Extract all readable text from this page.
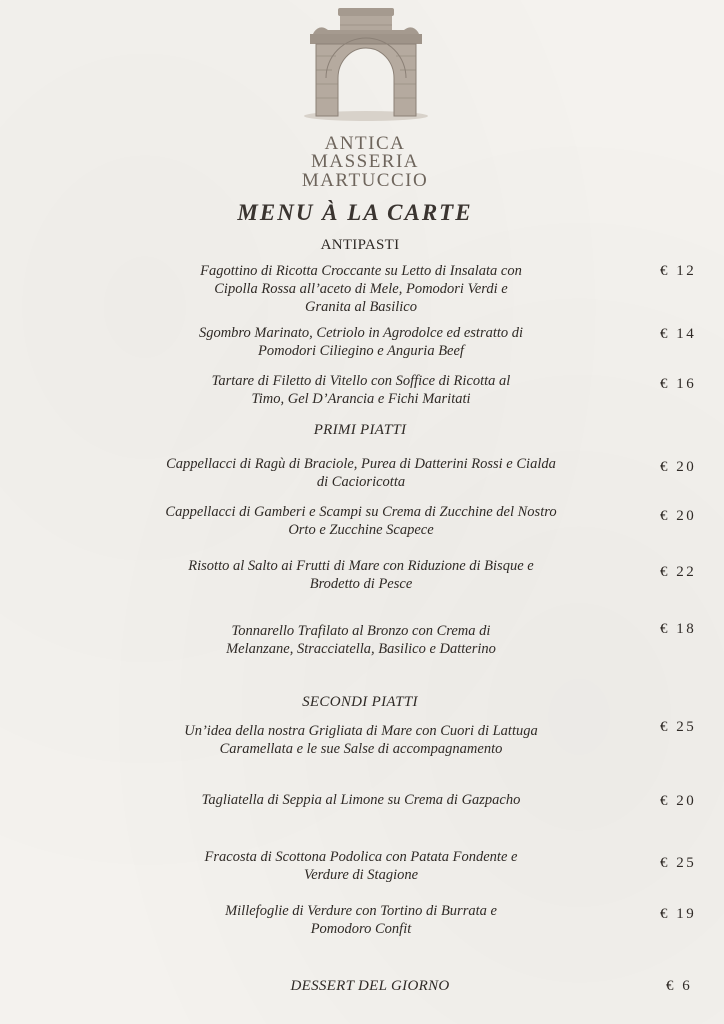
ANTICA
MASSERIA
MARTUCCIO
MENU À LA CARTE
ANTIPASTI
Fagottino di Ricotta Croccante su Letto di Insalata con
Cipolla Rossa all’aceto di Mele, Pomodori Verdi e
Granita al Basilico
€ 12
Sgombro Marinato, Cetriolo in Agrodolce ed estratto di
Pomodori Ciliegino e Anguria Beef
€ 14
Tartare di Filetto di Vitello con Soffice di Ricotta al
Timo, Gel D’Arancia e Fichi Maritati
€ 16
PRIMI PIATTI
Cappellacci di Ragù di Braciole, Purea di Datterini Rossi e Cialda
di Cacioricotta
€ 20
Cappellacci di Gamberi e Scampi su Crema di Zucchine del Nostro
Orto e Zucchine Scapece
€ 20
Risotto al Salto ai Frutti di Mare con Riduzione di Bisque e
Brodetto di Pesce
€ 22
Tonnarello Trafilato al Bronzo con Crema di
Melanzane, Stracciatella, Basilico e Datterino
€ 18
SECONDI PIATTI
Un’idea della nostra Grigliata di Mare con Cuori di Lattuga
Caramellata e le sue Salse di accompagnamento
€ 25
Tagliatella di Seppia al Limone su Crema di Gazpacho	€ 20
Fracosta di Scottona Podolica con Patata Fondente e
Verdure di Stagione
€ 25
Millefoglie di Verdure con Tortino di Burrata e
Pomodoro Confit
€ 19
DESSERT DEL GIORNO	€ 6
